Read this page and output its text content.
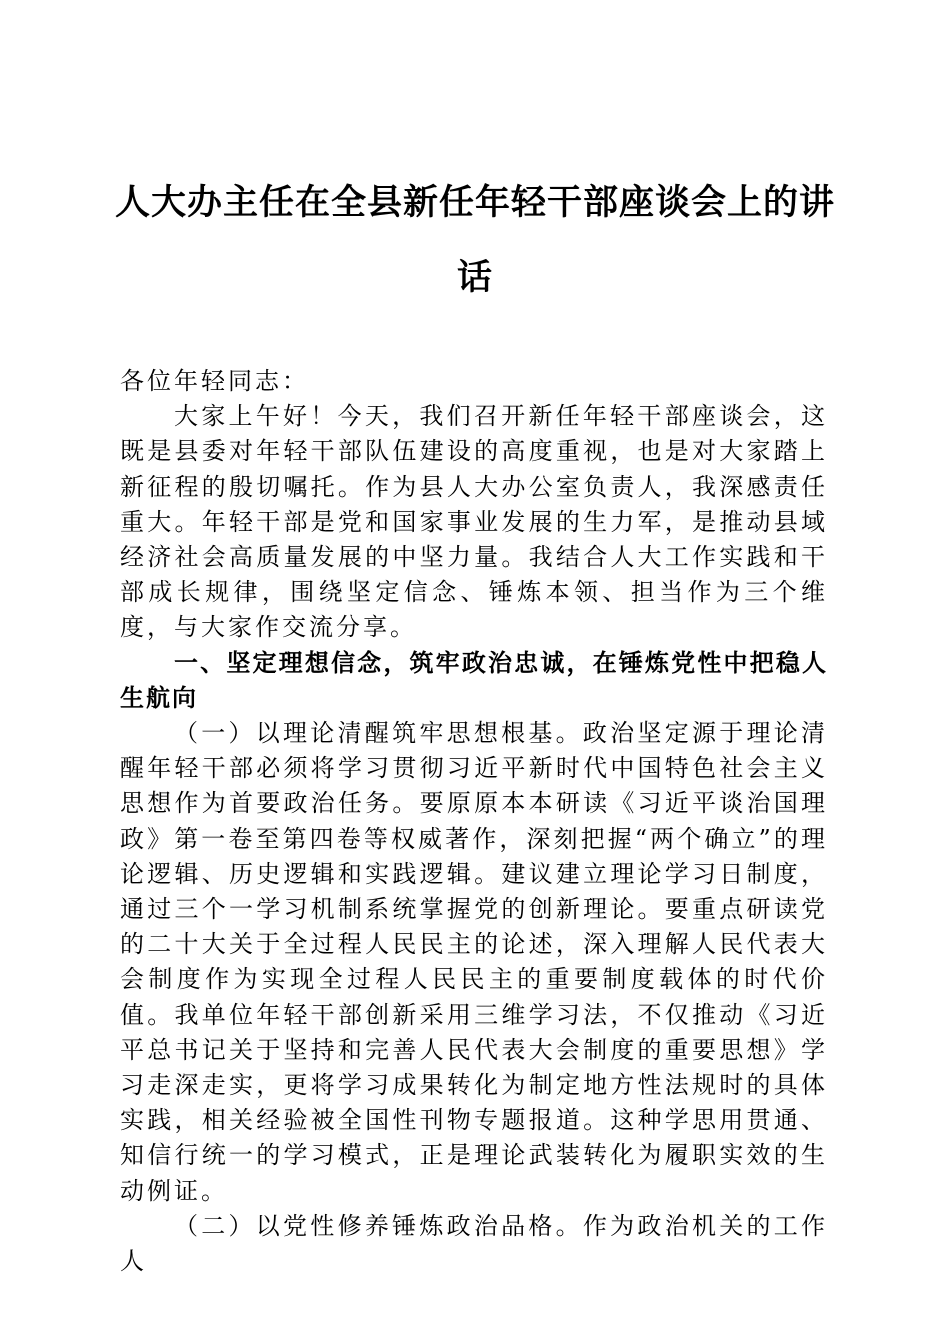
人大办主任在全县新任年轻干部座谈会上的讲话

各位年轻同志：

大家上午好！今天，我们召开新任年轻干部座谈会，这既是县委对年轻干部队伍建设的高度重视，也是对大家踏上新征程的殷切嘱托。作为县人大办公室负责人，我深感责任重大。年轻干部是党和国家事业发展的生力军，是推动县域经济社会高质量发展的中坚力量。我结合人大工作实践和干部成长规律，围绕坚定信念、锤炼本领、担当作为三个维度，与大家作交流分享。

一、坚定理想信念，筑牢政治忠诚，在锤炼党性中把稳人生航向

（一）以理论清醒筑牢思想根基。政治坚定源于理论清醒年轻干部必须将学习贯彻习近平新时代中国特色社会主义思想作为首要政治任务。要原原本本研读《习近平谈治国理政》第一卷至第四卷等权威著作，深刻把握“两个确立”的理论逻辑、历史逻辑和实践逻辑。建议建立理论学习日制度，通过三个一学习机制系统掌握党的创新理论。要重点研读党的二十大关于全过程人民民主的论述，深入理解人民代表大会制度作为实现全过程人民民主的重要制度载体的时代价值。我单位年轻干部创新采用三维学习法，不仅推动《习近平总书记关于坚持和完善人民代表大会制度的重要思想》学习走深走实，更将学习成果转化为制定地方性法规时的具体实践，相关经验被全国性刊物专题报道。这种学思用贯通、知信行统一的学习模式，正是理论武装转化为履职实效的生动例证。

（二）以党性修养锤炼政治品格。作为政治机关的工作人
